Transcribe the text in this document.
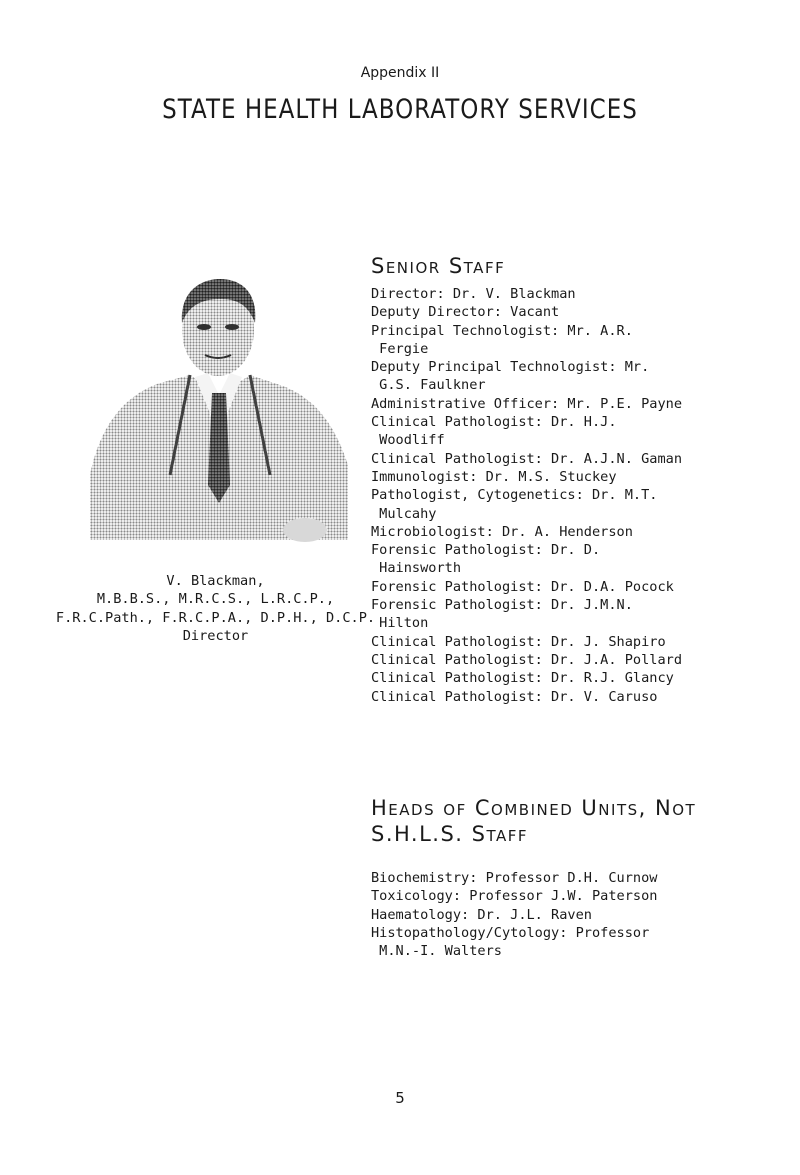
Appendix II
STATE HEALTH LABORATORY SERVICES
V. Blackman,
M.B.B.S., M.R.C.S., L.R.C.P.,
F.R.C.Path., F.R.C.P.A., D.P.H., D.C.P.
Director
Senior Staff
Director: Dr. V. Blackman
Deputy Director: Vacant
Principal Technologist: Mr. A.R.
Fergie
Deputy Principal Technologist: Mr.
G.S. Faulkner
Administrative Officer: Mr. P.E. Payne
Clinical Pathologist: Dr. H.J.
Woodliff
Clinical Pathologist: Dr. A.J.N. Gaman
Immunologist: Dr. M.S. Stuckey
Pathologist, Cytogenetics: Dr. M.T.
Mulcahy
Microbiologist: Dr. A. Henderson
Forensic Pathologist: Dr. D.
Hainsworth
Forensic Pathologist: Dr. D.A. Pocock
Forensic Pathologist: Dr. J.M.N.
Hilton
Clinical Pathologist: Dr. J. Shapiro
Clinical Pathologist: Dr. J.A. Pollard
Clinical Pathologist: Dr. R.J. Glancy
Clinical Pathologist: Dr. V. Caruso
Heads of Combined Units, Not
S.H.L.S. Staff
Biochemistry: Professor D.H. Curnow
Toxicology: Professor J.W. Paterson
Haematology: Dr. J.L. Raven
Histopathology/Cytology: Professor
M.N.-I. Walters
5
